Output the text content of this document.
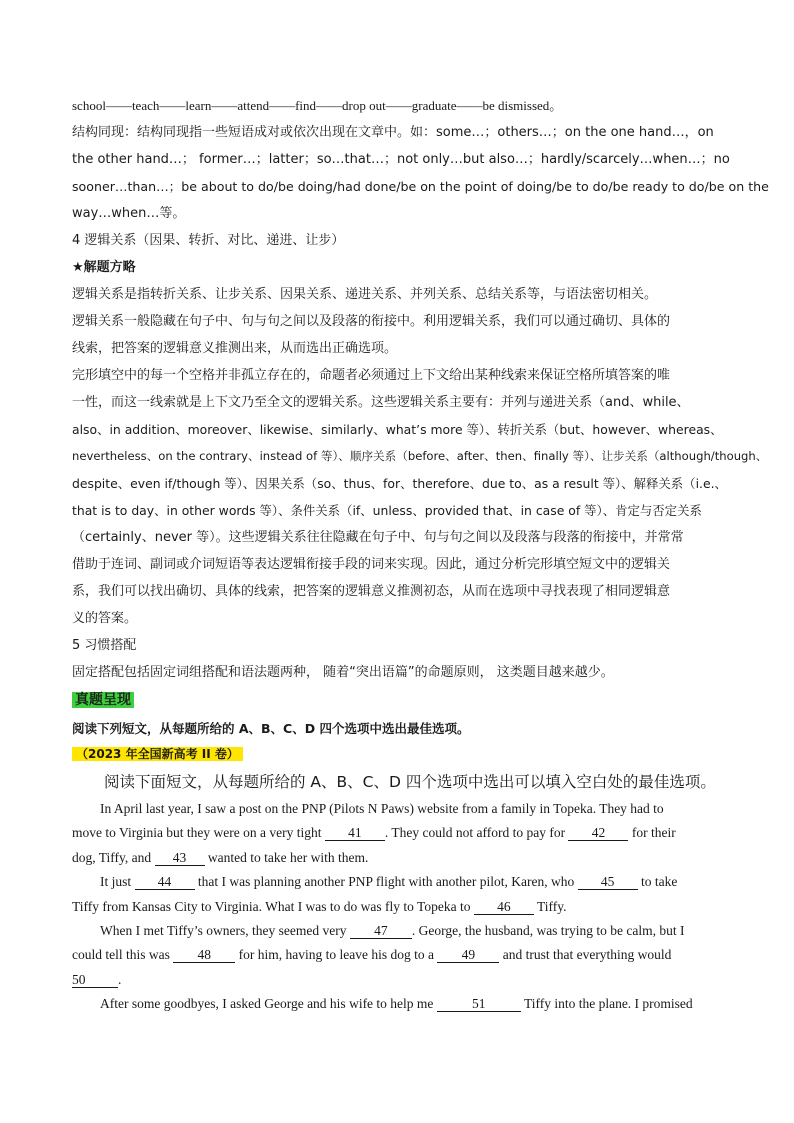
school——teach——learn——attend——find——drop out——graduate——be dismissed。
结构同现：结构同现指一些短语成对或依次出现在文章中。如：some…；others…；on the one hand…，on
the other hand…； former…；latter；so…that…；not only…but also…；hardly/scarcely…when…；no
sooner…than…；be about to do/be doing/had done/be on the point of doing/be to do/be ready to do/be on the
way…when…等。
4 逻辑关系（因果、转折、对比、递进、让步）
★解题方略
逻辑关系是指转折关系、让步关系、因果关系、递进关系、并列关系、总结关系等，与语法密切相关。
逻辑关系一般隐藏在句子中、句与句之间以及段落的衔接中。利用逻辑关系，我们可以通过确切、具体的
线索，把答案的逻辑意义推测出来，从而选出正确选项。
完形填空中的每一个空格并非孤立存在的，命题者必须通过上下文给出某种线索来保证空格所填答案的唯
一性，而这一线索就是上下文乃至全文的逻辑关系。这些逻辑关系主要有：并列与递进关系（and、while、
also、in addition、moreover、likewise、similarly、what’s more 等）、转折关系（but、however、whereas、
nevertheless、on the contrary、instead of 等）、顺序关系（before、after、then、finally 等）、让步关系（although/though、
despite、even if/though 等）、因果关系（so、thus、for、therefore、due to、as a result 等）、解释关系（i.e.、
that is to day、in other words 等）、条件关系（if、unless、provided that、in case of 等）、肯定与否定关系
（certainly、never 等）。这些逻辑关系往往隐藏在句子中、句与句之间以及段落与段落的衔接中，并常常
借助于连词、副词或介词短语等表达逻辑衔接手段的词来实现。因此，通过分析完形填空短文中的逻辑关
系，我们可以找出确切、具体的线索，把答案的逻辑意义推测初态，从而在选项中寻找表现了相同逻辑意
义的答案。
5 习惯搭配
固定搭配包括固定词组搭配和语法题两种， 随着“突出语篇”的命题原则， 这类题目越来越少。
真题呈现
阅读下列短文，从每题所给的 A、B、C、D 四个选项中选出最佳选项。
（2023 年全国新高考 II 卷）
阅读下面短文，从每题所给的 A、B、C、D 四个选项中选出可以填入空白处的最佳选项。
In April last year, I saw a post on the PNP (Pilots N Paws) website from a family in Topeka. They had to
move to Virginia but they were on a very tight 41 . They could not afford to pay for 42 for their
dog, Tiffy, and 43 wanted to take her with them.
It just 44 that I was planning another PNP flight with another pilot, Karen, who 45 to take
Tiffy from Kansas City to Virginia. What I was to do was fly to Topeka to 46 Tiffy.
When I met Tiffy’s owners, they seemed very 47 . George, the husband, was trying to be calm, but I
could tell this was 48 for him, having to leave his dog to a 49 and trust that everything would
50 .
After some goodbyes, I asked George and his wife to help me	51	Tiffy into the plane. I promised
